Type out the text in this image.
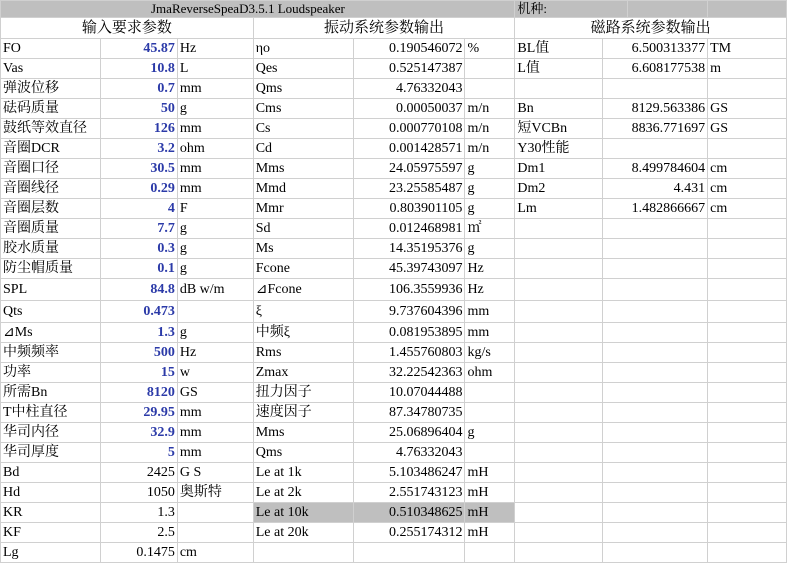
JmaReverseSpeaD3.5.1 Loudspeaker						机种:			
输入要求参数			振动系统参数输出			磁路系统参数输出			
FO	45.87	Hz	ηo	0.190546072	%	BL值	6.500313377		TM
Vas	10.8	L	Qes	0.525147387		L值	6.608177538		m
弹波位移	0.7	mm	Qms	4.76332043					
砝码质量	50	g	Cms	0.00050037	m/n	Bn	8129.563386		GS
鼓纸等效直径	126	mm	Cs	0.000770108	m/n	短VCBn	8836.771697		GS
音圈DCR	3.2	ohm	Cd	0.001428571	m/n	Y30性能			
音圈口径	30.5	mm	Mms	24.05975597	g	Dm1	8.499784604		cm
音圈线径	0.29	mm	Mmd	23.25585487	g	Dm2	4.431		cm
音圈层数	4	F	Mmr	0.803901105	g	Lm	1.482866667		cm
音圈质量	7.7	g	Sd	0.012468981	㎡				
胶水质量	0.3	g	Ms	14.35195376	g				
防尘帽质量	0.1	g	Fcone	45.39743097	Hz				
SPL	84.8	dB w/m	⊿Fcone	106.3559936	Hz				
Qts	0.473		ξ	9.737604396	mm				
⊿Ms	1.3	g	中频ξ	0.081953895	mm				
中频频率	500	Hz	Rms	1.455760803	kg/s				
功率	15	w	Zmax	32.22542363	ohm				
所需Bn	8120	GS	扭力因子	10.07044488					
T中柱直径	29.95	mm	速度因子	87.34780735					
华司内径	32.9	mm	Mms	25.06896404	g				
华司厚度	5	mm	Qms	4.76332043					
Bd	2425	G S	Le at 1k	5.103486247	mH				
Hd	1050	奥斯特	Le at 2k	2.551743123	mH				
KR	1.3		Le at 10k	0.510348625	mH				
KF	2.5		Le at 20k	0.255174312	mH				
Lg	0.1475	cm							
